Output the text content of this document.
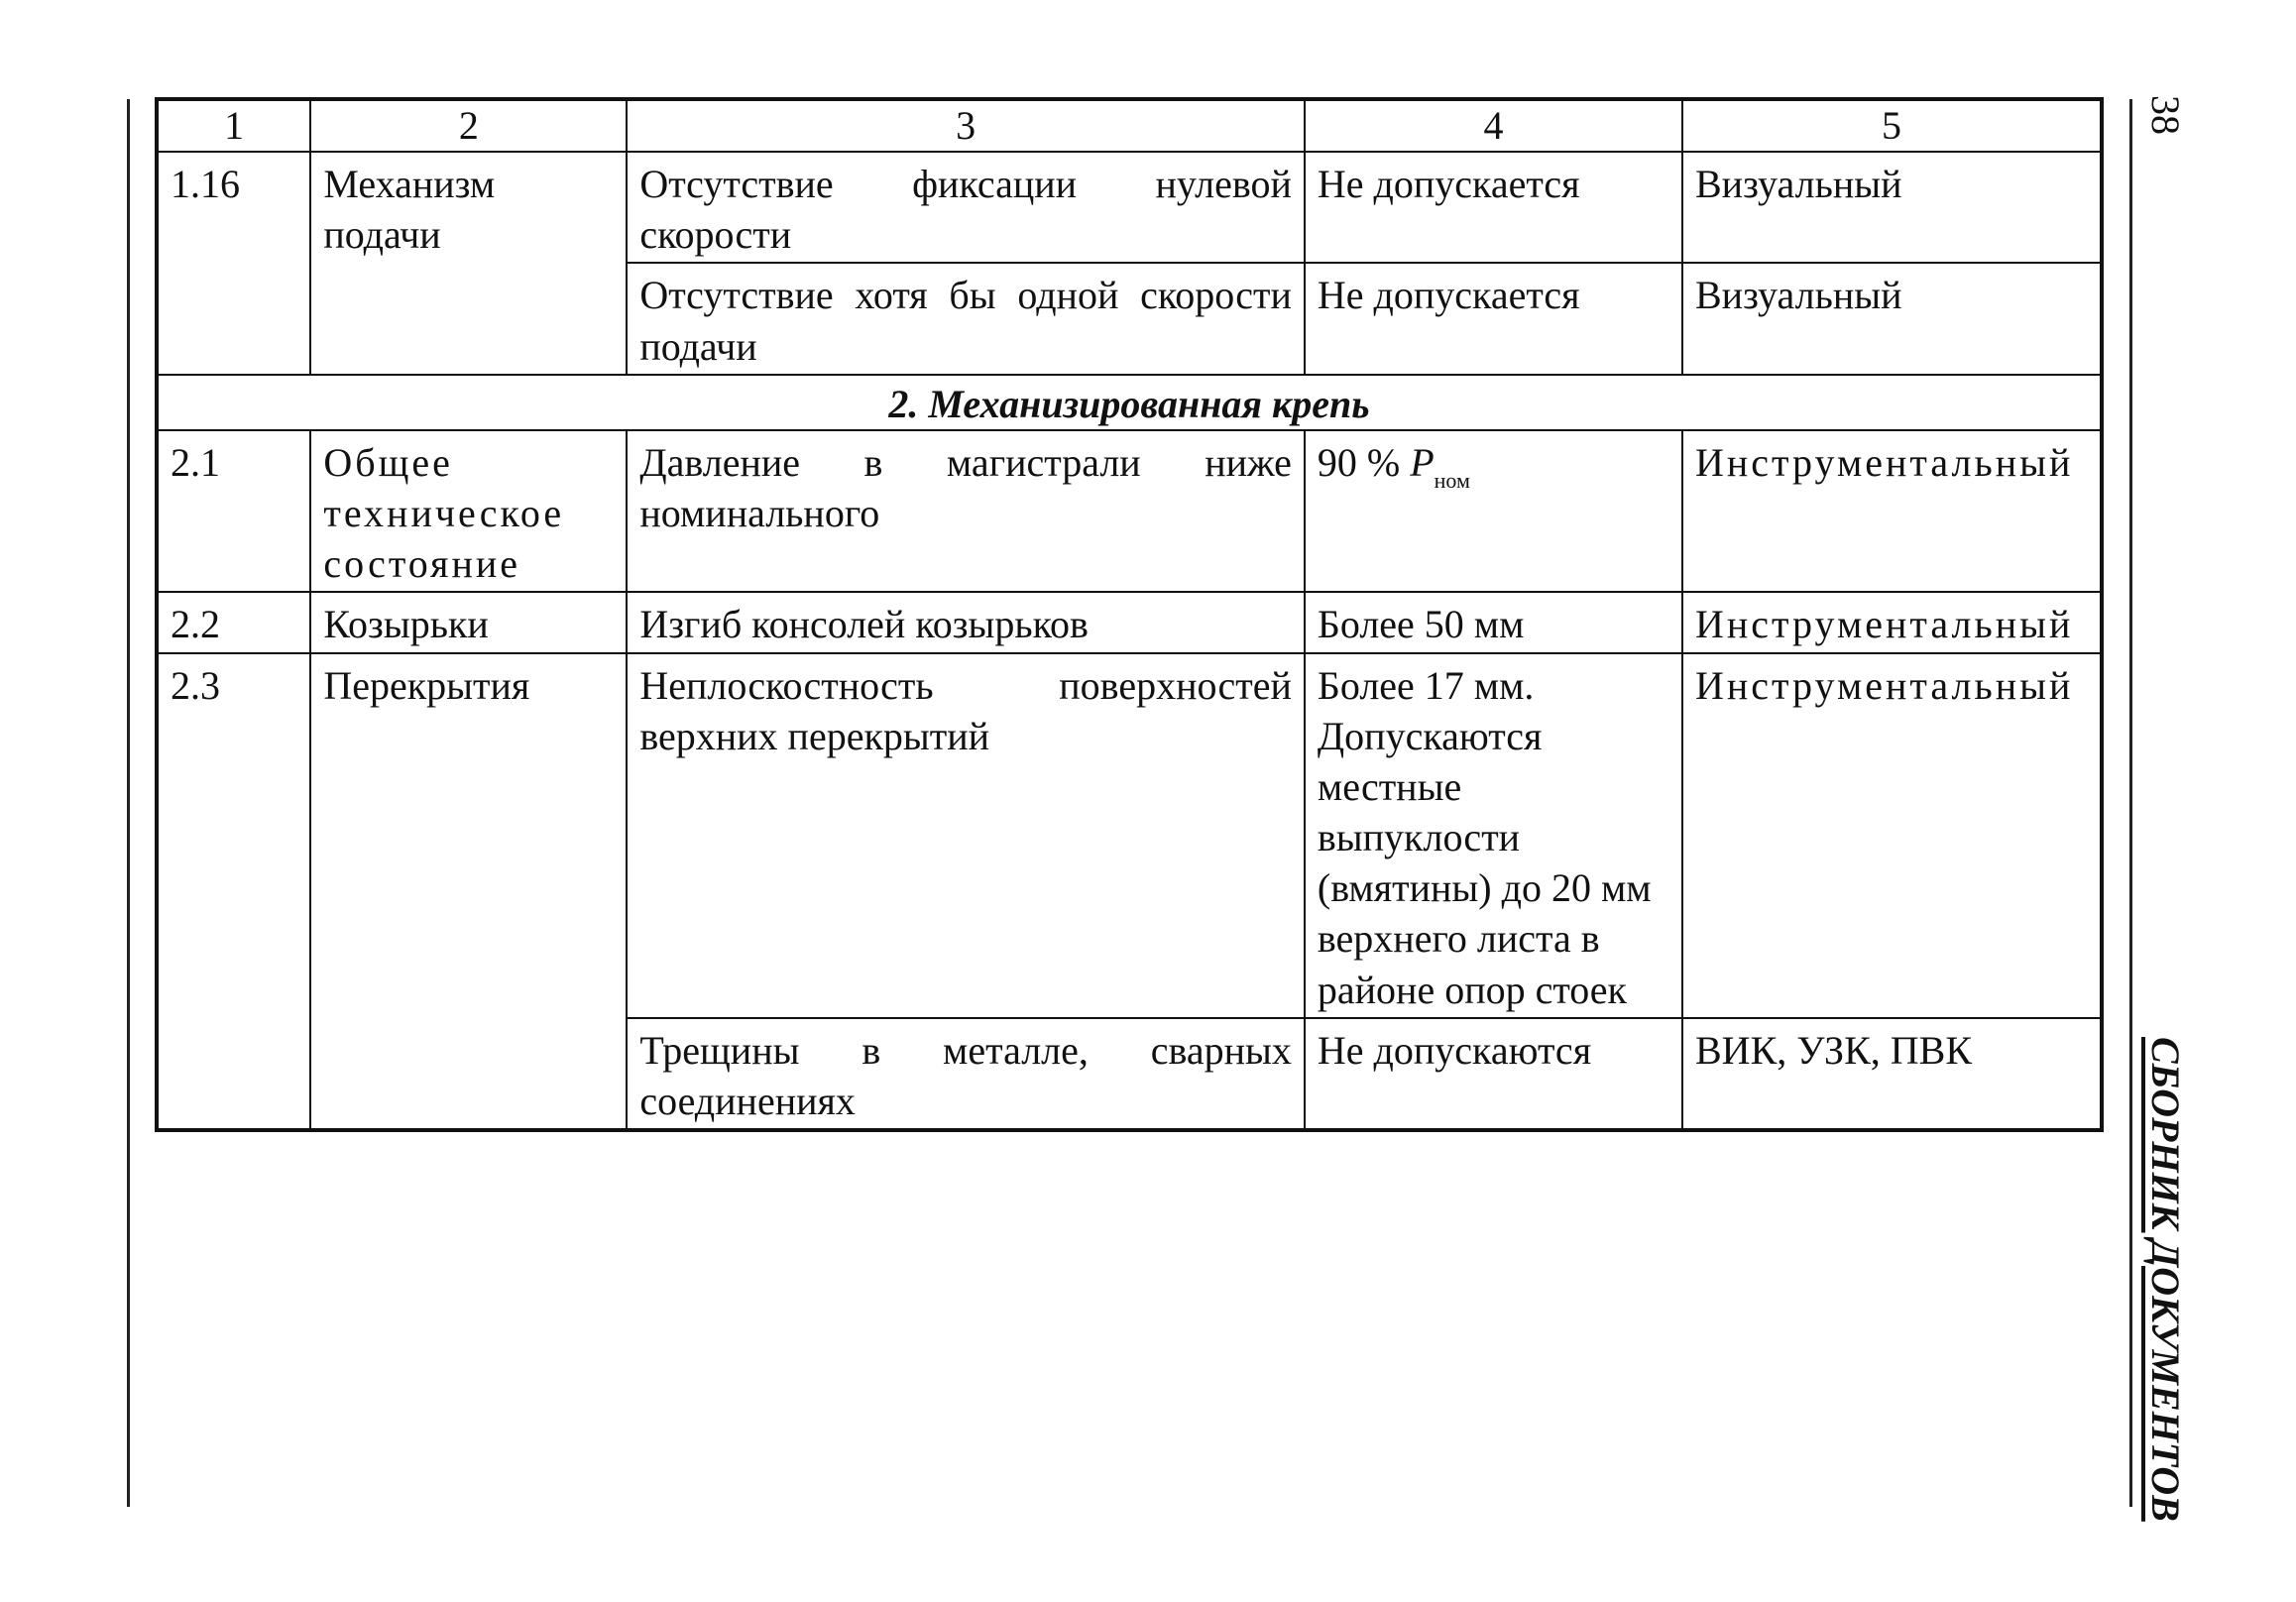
38
СБОРНИК ДОКУМЕНТОВ
1	2	3	4	5
1.16	Механизм подачи	Отсутствие фиксации нулевой скорости	Не допускается	Визуальный
		Отсутствие хотя бы одной скорости подачи	Не допускается	Визуальный
2. Механизированная крепь				
2.1	Общее техническое состояние	Давление в магистрали ниже номинального	90 % $P_{ном}$	Инструментальный
2.2	Козырьки	Изгиб консолей козырьков	Более 50 мм	Инструментальный
2.3	Перекрытия	Неплоскостность поверхностей верхних перекрытий	Более 17 мм. Допускаются местные выпуклости (вмятины) до 20 мм верхнего листа в районе опор стоек	Инструментальный
		Трещины в металле, сварных соединениях	Не допускаются	ВИК, УЗК, ПВК
